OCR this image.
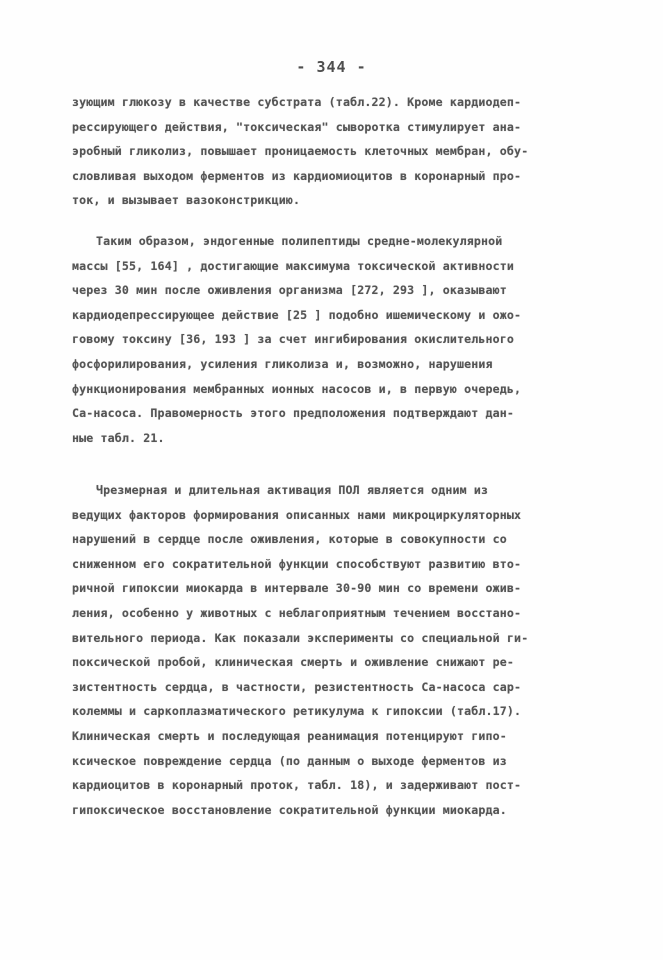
- 344 -
зующим глюкозу в качестве субстрата (табл.22). Кроме кардиодеп-
рессирующего действия, "токсическая" сыворотка стимулирует ана-
эробный гликолиз, повышает проницаемость клеточных мембран, обу-
словливая выходом ферментов из кардиомиоцитов в коронарный про-
ток, и вызывает вазоконстрикцию.
Таким образом, эндогенные полипептиды средне-молекулярной
массы [55, 164] , достигающие максимума токсической активности
через 30 мин после оживления организма [272, 293 ], оказывают
кардиодепрессирующее действие [25 ] подобно ишемическому и ожо-
говому токсину [36, 193 ] за счет ингибирования окислительного
фосфорилирования, усиления гликолиза и, возможно, нарушения
функционирования мембранных ионных насосов и, в первую очередь,
Са-насоса. Правомерность этого предположения подтверждают дан-
ные табл. 21.
Чрезмерная и длительная активация ПОЛ является одним из
ведущих факторов формирования описанных нами микроциркуляторных
нарушений в сердце после оживления, которые в совокупности со
сниженном его сократительной функции способствуют развитию вто-
ричной гипоксии миокарда в интервале 30-90 мин со времени ожив-
ления, особенно у животных с неблагоприятным течением восстано-
вительного периода. Как показали эксперименты со специальной ги-
поксической пробой, клиническая смерть и оживление снижают ре-
зистентность сердца, в частности, резистентность Са-насоса сар-
колеммы и саркоплазматического ретикулума к гипоксии (табл.17).
Клиническая смерть и последующая реанимация потенцируют гипо-
ксическое повреждение сердца (по данным о выходе ферментов из
кардиоцитов в коронарный проток, табл. 18), и задерживают пост-
гипоксическое восстановление сократительной функции миокарда.
